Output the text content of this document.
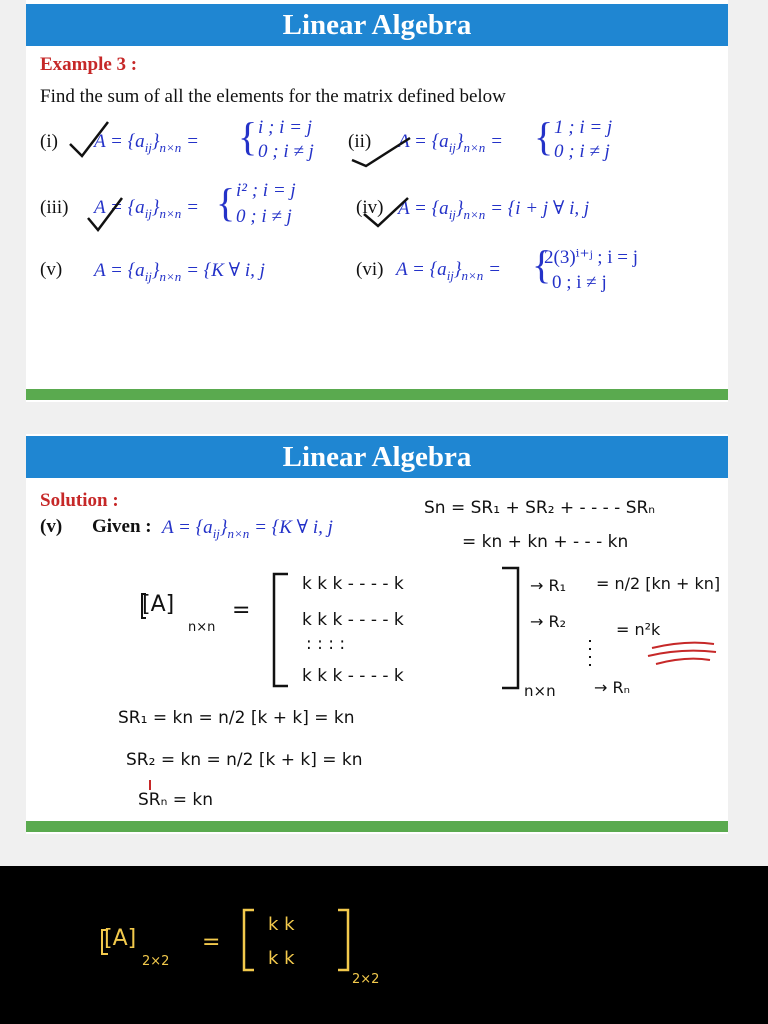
Linear Algebra
Example 3 :
Find the sum of all the elements for the matrix defined below
(i) $A = \{a_{ij}\}_{n\times n}$ = { i ; i = j
0 ; i ≠ j (ii) $A = \{a_{ij}\}_{n\times n}$ = { 1 ; i = j
0 ; i ≠ j
(iii) $A = \{a_{ij}\}_{n\times n}$ = { i² ; i = j
0 ; i ≠ j	(iv) $A = \{a_{ij}\}_{n\times n} = \{i + j$ ∀ i, j
(v) $A = \{a_{ij}\}_{n\times n} = \{K$ ∀ i, j	(vi) $A = \{a_{ij}\}_{n\times n}$ = {
2(3)ⁱ⁺ʲ ; i = j
0 ; i ≠ j
Linear Algebra
Solution :
(v) Given : $A = \{a_{ij}\}_{n\times n} = \{K$ ∀ i, j
Sn = SR₁ + SR₂ + - - - - SRₙ
= kn + kn + - - - kn
[A]
n×n
=
k k k - - - - k
k k k - - - - k
: : : :
k k k - - - - k
n×n
→ R₁
→ R₂
→ Rₙ
= n/2 [kn + kn]
= n²k
SR₁ = kn = n/2 [k + k] = kn
SR₂ = kn = n/2 [k + k] = kn
SRₙ = kn
[A]
2×2
=
k k
k k
2×2
